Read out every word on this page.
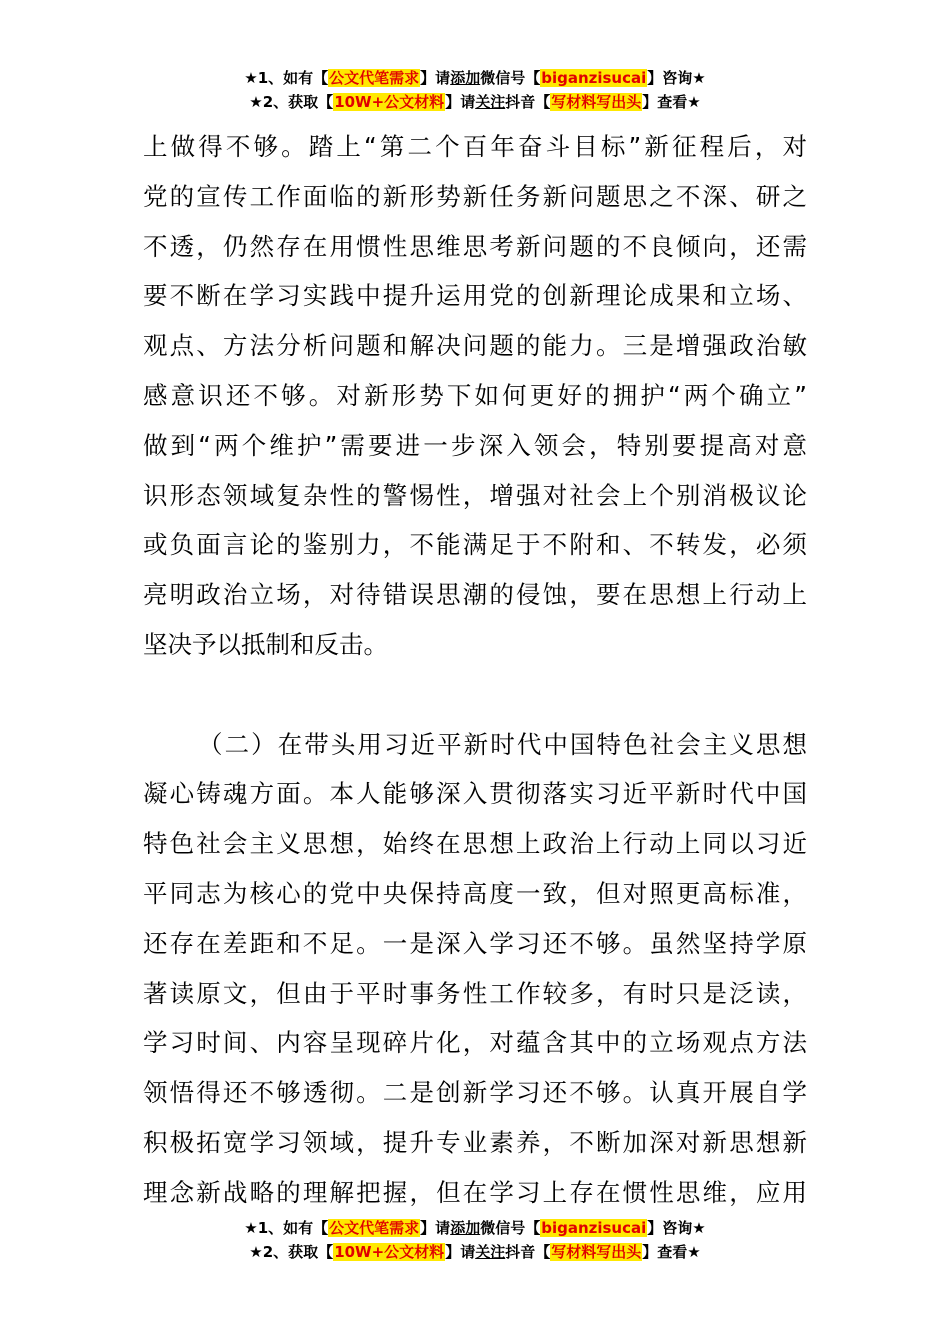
★1、如有【公文代笔需求】请添加微信号【biganzisucai】咨询★
★2、获取【10W+公文材料】请关注抖音【写材料写出头】查看★
上做得不够。踏上“第二个百年奋斗目标”新征程后，对
党的宣传工作面临的新形势新任务新问题思之不深、研之
不透，仍然存在用惯性思维思考新问题的不良倾向，还需
要不断在学习实践中提升运用党的创新理论成果和立场、
观点、方法分析问题和解决问题的能力。三是增强政治敏
感意识还不够。对新形势下如何更好的拥护“两个确立”
做到“两个维护”需要进一步深入领会，特别要提高对意
识形态领域复杂性的警惕性，增强对社会上个别消极议论
或负面言论的鉴别力，不能满足于不附和、不转发，必须
亮明政治立场，对待错误思潮的侵蚀，要在思想上行动上
坚决予以抵制和反击。
（二）在带头用习近平新时代中国特色社会主义思想
凝心铸魂方面。本人能够深入贯彻落实习近平新时代中国
特色社会主义思想，始终在思想上政治上行动上同以习近
平同志为核心的党中央保持高度一致，但对照更高标准，
还存在差距和不足。一是深入学习还不够。虽然坚持学原
著读原文，但由于平时事务性工作较多，有时只是泛读，
学习时间、内容呈现碎片化，对蕴含其中的立场观点方法
领悟得还不够透彻。二是创新学习还不够。认真开展自学
积极拓宽学习领域，提升专业素养，不断加深对新思想新
理念新战略的理解把握，但在学习上存在惯性思维，应用
★1、如有【公文代笔需求】请添加微信号【biganzisucai】咨询★
★2、获取【10W+公文材料】请关注抖音【写材料写出头】查看★
